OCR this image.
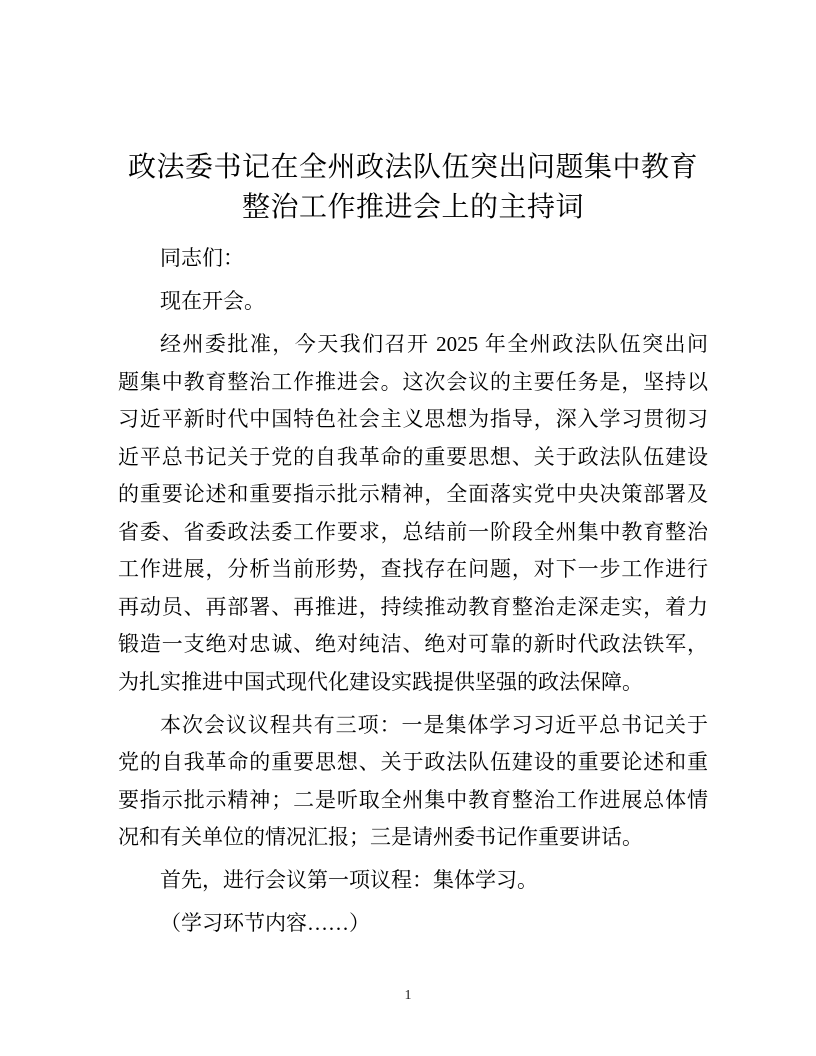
政法委书记在全州政法队伍突出问题集中教育
整治工作推进会上的主持词
同志们：
现在开会。
经州委批准，今天我们召开 2025 年全州政法队伍突出问
题集中教育整治工作推进会。这次会议的主要任务是，坚持以
习近平新时代中国特色社会主义思想为指导，深入学习贯彻习
近平总书记关于党的自我革命的重要思想、关于政法队伍建设
的重要论述和重要指示批示精神，全面落实党中央决策部署及
省委、省委政法委工作要求，总结前一阶段全州集中教育整治
工作进展，分析当前形势，查找存在问题，对下一步工作进行
再动员、再部署、再推进，持续推动教育整治走深走实，着力
锻造一支绝对忠诚、绝对纯洁、绝对可靠的新时代政法铁军，
为扎实推进中国式现代化建设实践提供坚强的政法保障。
本次会议议程共有三项：一是集体学习习近平总书记关于
党的自我革命的重要思想、关于政法队伍建设的重要论述和重
要指示批示精神；二是听取全州集中教育整治工作进展总体情
况和有关单位的情况汇报；三是请州委书记作重要讲话。
首先，进行会议第一项议程：集体学习。
（学习环节内容……）
1
